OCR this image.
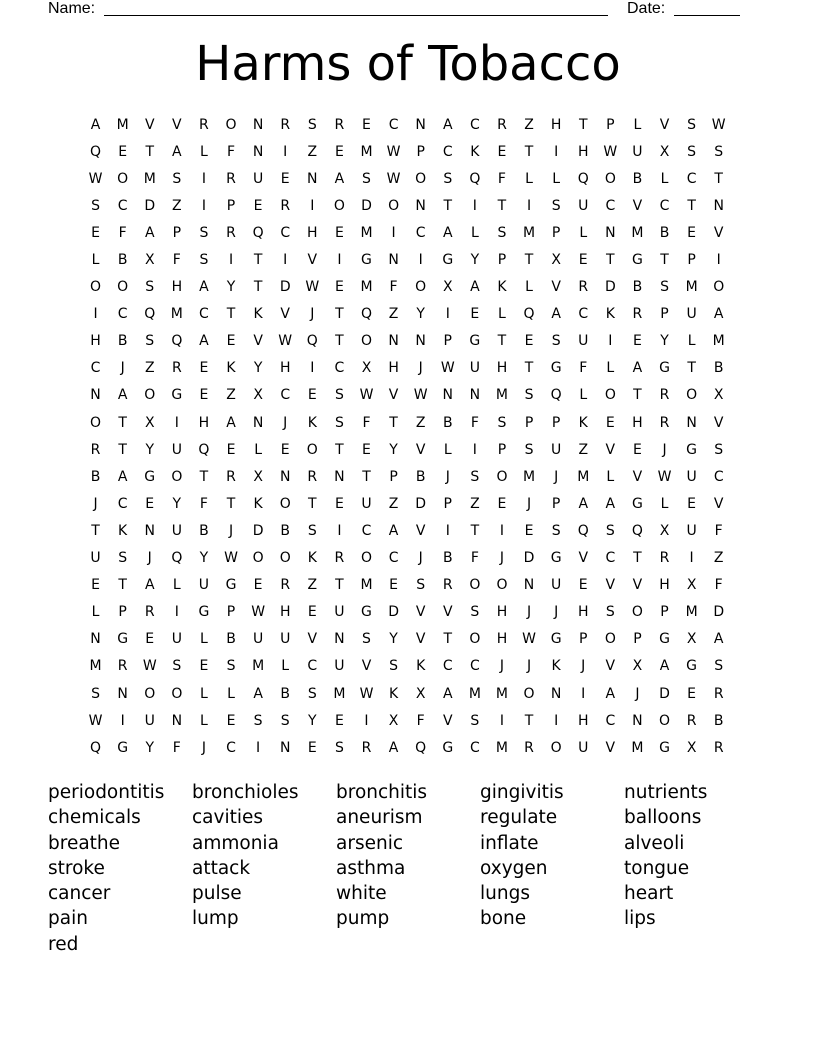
Name:	Date:
Harms of Tobacco
A	M	V	V	R	O	N	R	S	R	E	C	N	A	C	R	Z	H	T	P	L	V	S	W
Q	E	T	A	L	F	N	I	Z	E	M	W	P	C	K	E	T	I	H	W	U	X	S	S
W	O	M	S	I	R	U	E	N	A	S	W	O	S	Q	F	L	L	Q	O	B	L	C	T
S	C	D	Z	I	P	E	R	I	O	D	O	N	T	I	T	I	S	U	C	V	C	T	N
E	F	A	P	S	R	Q	C	H	E	M	I	C	A	L	S	M	P	L	N	M	B	E	V
L	B	X	F	S	I	T	I	V	I	G	N	I	G	Y	P	T	X	E	T	G	T	P	I
O	O	S	H	A	Y	T	D	W	E	M	F	O	X	A	K	L	V	R	D	B	S	M	O
I	C	Q	M	C	T	K	V	J	T	Q	Z	Y	I	E	L	Q	A	C	K	R	P	U	A
H	B	S	Q	A	E	V	W	Q	T	O	N	N	P	G	T	E	S	U	I	E	Y	L	M
C	J	Z	R	E	K	Y	H	I	C	X	H	J	W	U	H	T	G	F	L	A	G	T	B
N	A	O	G	E	Z	X	C	E	S	W	V	W	N	N	M	S	Q	L	O	T	R	O	X
O	T	X	I	H	A	N	J	K	S	F	T	Z	B	F	S	P	P	K	E	H	R	N	V
R	T	Y	U	Q	E	L	E	O	T	E	Y	V	L	I	P	S	U	Z	V	E	J	G	S
B	A	G	O	T	R	X	N	R	N	T	P	B	J	S	O	M	J	M	L	V	W	U	C
J	C	E	Y	F	T	K	O	T	E	U	Z	D	P	Z	E	J	P	A	A	G	L	E	V
T	K	N	U	B	J	D	B	S	I	C	A	V	I	T	I	E	S	Q	S	Q	X	U	F
U	S	J	Q	Y	W	O	O	K	R	O	C	J	B	F	J	D	G	V	C	T	R	I	Z
E	T	A	L	U	G	E	R	Z	T	M	E	S	R	O	O	N	U	E	V	V	H	X	F
L	P	R	I	G	P	W	H	E	U	G	D	V	V	S	H	J	J	H	S	O	P	M	D
N	G	E	U	L	B	U	U	V	N	S	Y	V	T	O	H	W	G	P	O	P	G	X	A
M	R	W	S	E	S	M	L	C	U	V	S	K	C	C	J	J	K	J	V	X	A	G	S
S	N	O	O	L	L	A	B	S	M	W	K	X	A	M	M	O	N	I	A	J	D	E	R
W	I	U	N	L	E	S	S	Y	E	I	X	F	V	S	I	T	I	H	C	N	O	R	B
Q	G	Y	F	J	C	I	N	E	S	R	A	Q	G	C	M	R	O	U	V	M	G	X	R
periodontitis	bronchioles	bronchitis	gingivitis	nutrients
chemicals	cavities	aneurism	regulate	balloons
breathe	ammonia	arsenic	inflate	alveoli
stroke	attack	asthma	oxygen	tongue
cancer	pulse	white	lungs	heart
pain	lump	pump	bone	lips
red
